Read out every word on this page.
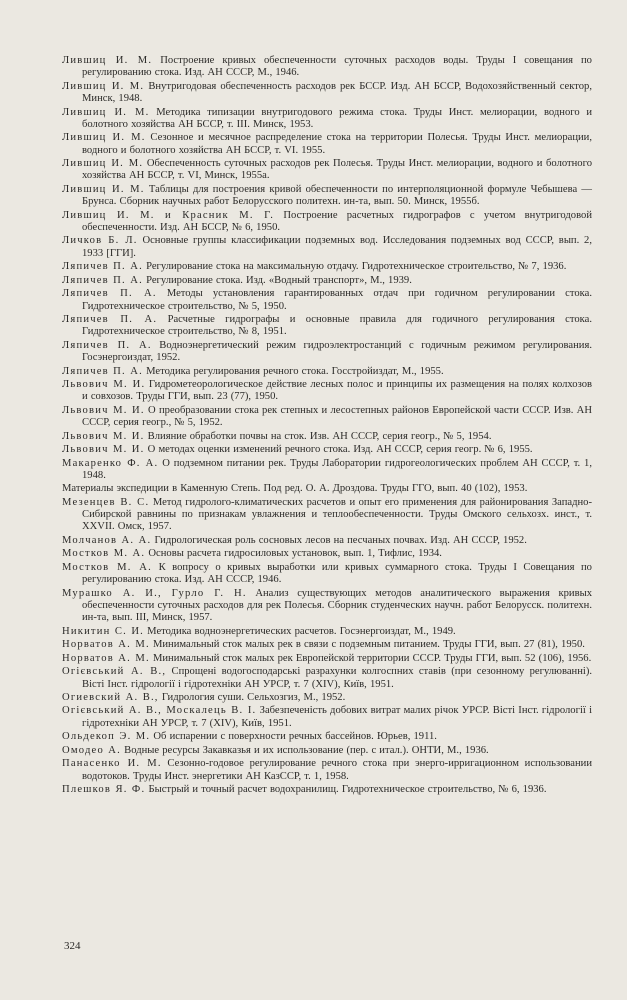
Лившиц И. М. Построение кривых обеспеченности суточных расходов воды. Труды I совещания по регулированию стока. Изд. АН СССР, М., 1946.

Лившиц И. М. Внутригодовая обеспеченность расходов рек БССР. Изд. АН БССР, Водохозяйственный сектор, Минск, 1948.

Лившиц И. М. Методика типизации внутригодового режима стока. Труды Инст. мелиорации, водного и болотного хозяйства АН БССР, т. III. Минск, 1953.

Лившиц И. М. Сезонное и месячное распределение стока на территории Полесья. Труды Инст. мелиорации, водного и болотного хозяйства АН БССР, т. VI. 1955.

Лившиц И. М. Обеспеченность суточных расходов рек Полесья. Труды Инст. мелиорации, водного и болотного хозяйства АН БССР, т. VI, Минск, 1955а.

Лившиц И. М. Таблицы для построения кривой обеспеченности по интерполяционной формуле Чебышева — Брунса. Сборник научных работ Белорусского политехн. ин-та, вып. 50. Минск, 1955б.

Лившиц И. М. и Красник М. Г. Построение расчетных гидрографов с учетом внутригодовой обеспеченности. Изд. АН БССР, № 6, 1950.

Личков Б. Л. Основные группы классификации подземных вод. Исследования подземных вод СССР, вып. 2, 1933 [ГГИ].

Ляпичев П. А. Регулирование стока на максимальную отдачу. Гидротехническое строительство, № 7, 1936.

Ляпичев П. А. Регулирование стока. Изд. «Водный транспорт», М., 1939.

Ляпичев П. А. Методы установления гарантированных отдач при годичном регулировании стока. Гидротехническое строительство, № 5, 1950.

Ляпичев П. А. Расчетные гидрографы и основные правила для годичного регулирования стока. Гидротехническое строительство, № 8, 1951.

Ляпичев П. А. Водноэнергетический режим гидроэлектростанций с годичным режимом регулирования. Госэнергоиздат, 1952.

Ляпичев П. А. Методика регулирования речного стока. Госстройиздат, М., 1955.

Львович М. И. Гидрометеорологическое действие лесных полос и принципы их размещения на полях колхозов и совхозов. Труды ГГИ, вып. 23 (77), 1950.

Львович М. И. О преобразовании стока рек степных и лесостепных районов Европейской части СССР. Изв. АН СССР, серия геогр., № 5, 1952.

Львович М. И. Влияние обработки почвы на сток. Изв. АН СССР, серия геогр., № 5, 1954.

Львович М. И. О методах оценки изменений речного стока. Изд. АН СССР, серия геогр. № 6, 1955.

Макаренко Ф. А. О подземном питании рек. Труды Лаборатории гидрогеологических проблем АН СССР, т. 1, 1948.

Материалы экспедиции в Каменную Степь. Под ред. О. А. Дроздова. Труды ГГО, вып. 40 (102), 1953.

Мезенцев В. С. Метод гидролого-климатических расчетов и опыт его применения для районирования Западно-Сибирской равнины по признакам увлажнения и теплообеспеченности. Труды Омского сельхозх. инст., т. XXVII. Омск, 1957.

Молчанов А. А. Гидрологическая роль сосновых лесов на песчаных почвах. Изд. АН СССР, 1952.

Мостков М. А. Основы расчета гидросиловых установок, вып. 1, Тифлис, 1934.

Мостков М. А. К вопросу о кривых выработки или кривых суммарного стока. Труды I Совещания по регулированию стока. Изд. АН СССР, 1946.

Мурашко А. И., Гурло Г. Н. Анализ существующих методов аналитического выражения кривых обеспеченности суточных расходов для рек Полесья. Сборник студенческих научн. работ Белорусск. политехн. ин-та, вып. III, Минск, 1957.

Никитин С. И. Методика водноэнергетических расчетов. Госэнергоиздат, М., 1949.

Норватов А. М. Минимальный сток малых рек в связи с подземным питанием. Труды ГГИ, вып. 27 (81), 1950.

Норватов А. М. Минимальный сток малых рек Европейской территории СССР. Труды ГГИ, вып. 52 (106), 1956.

Огієвський А. В., Спрощені водогосподарські разрахунки колгоспних ставів (при сезонному регулюванні). Вісті Інст. гідрології і гідротехніки АН УРСР, т. 7 (XIV), Київ, 1951.

Огиевский А. В., Гидрология суши. Сельхозгиз, М., 1952.

Огієвський А. В., Москалець В. І. Забезпеченість добових витрат малих річок УРСР. Вісті Інст. гідрології і гідротехніки АН УРСР, т. 7 (XIV), Київ, 1951.

Ольдекоп Э. М. Об испарении с поверхности речных бассейнов. Юрьев, 1911.

Омодео А. Водные ресурсы Закавказья и их использование (пер. с итал.). ОНТИ, М., 1936.

Панасенко И. М. Сезонно-годовое регулирование речного стока при энерго-ирригационном использовании водотоков. Труды Инст. энергетики АН КазССР, т. 1, 1958.

Плешков Я. Ф. Быстрый и точный расчет водохранилищ. Гидротехническое строительство, № 6, 1936.

324
